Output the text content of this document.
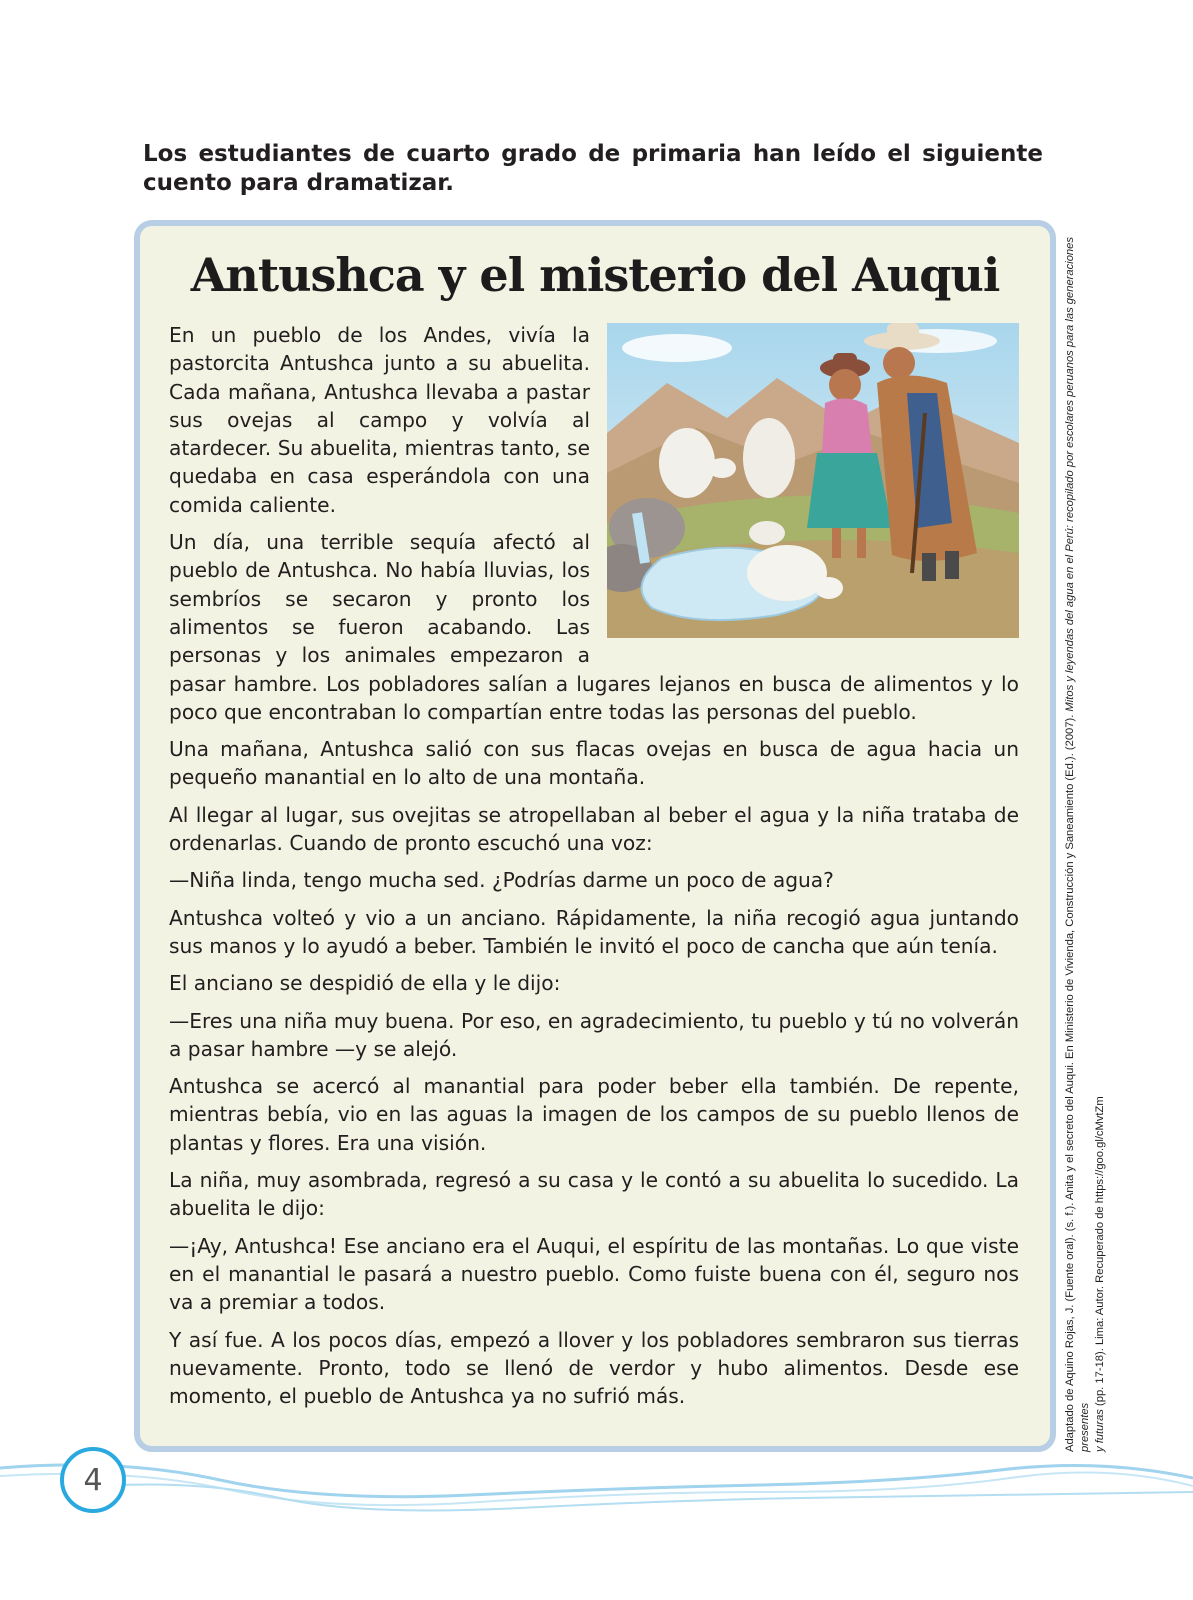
Los estudiantes de cuarto grado de primaria han leído el siguiente cuento para dramatizar.
Antushca y el misterio del Auqui

En un pueblo de los Andes, vivía la pastorcita Antushca junto a su abuelita. Cada mañana, Antushca llevaba a pastar sus ovejas al campo y volvía al atardecer. Su abuelita, mientras tanto, se quedaba en casa esperándola con una comida caliente.

Un día, una terrible sequía afectó al pueblo de Antushca. No había lluvias, los sembríos se secaron y pronto los alimentos se fueron acabando. Las personas y los animales empezaron a pasar hambre. Los pobladores salían a lugares lejanos en busca de alimentos y lo poco que encontraban lo compartían entre todas las personas del pueblo.

Una mañana, Antushca salió con sus flacas ovejas en busca de agua hacia un pequeño manantial en lo alto de una montaña.

Al llegar al lugar, sus ovejitas se atropellaban al beber el agua y la niña trataba de ordenarlas. Cuando de pronto escuchó una voz:

—Niña linda, tengo mucha sed. ¿Podrías darme un poco de agua?

Antushca volteó y vio a un anciano. Rápidamente, la niña recogió agua juntando sus manos y lo ayudó a beber. También le invitó el poco de cancha que aún tenía.

El anciano se despidió de ella y le dijo:

—Eres una niña muy buena. Por eso, en agradecimiento, tu pueblo y tú no volverán a pasar hambre —y se alejó.

Antushca se acercó al manantial para poder beber ella también. De repente, mientras bebía, vio en las aguas la imagen de los campos de su pueblo llenos de plantas y flores. Era una visión.

La niña, muy asombrada, regresó a su casa y le contó a su abuelita lo sucedido. La abuelita le dijo:

—¡Ay, Antushca! Ese anciano era el Auqui, el espíritu de las montañas. Lo que viste en el manantial le pasará a nuestro pueblo. Como fuiste buena con él, seguro nos va a premiar a todos.

Y así fue. A los pocos días, empezó a llover y los pobladores sembraron sus tierras nuevamente. Pronto, todo se llenó de verdor y hubo alimentos. Desde ese momento, el pueblo de Antushca ya no sufrió más.	Adaptado de Aquino Rojas, J. (Fuente oral). (s. f.). Anita y el secreto del Auqui. En Ministerio de Vivienda, Construcción y Saneamiento (Ed.). (2007). Mitos y leyendas del agua en el Perú: recopilado por escolares peruanos para las generaciones presentes y futuras (pp. 17-18). Lima: Autor. Recuperado de https://goo.gl/cMvtZm
4
